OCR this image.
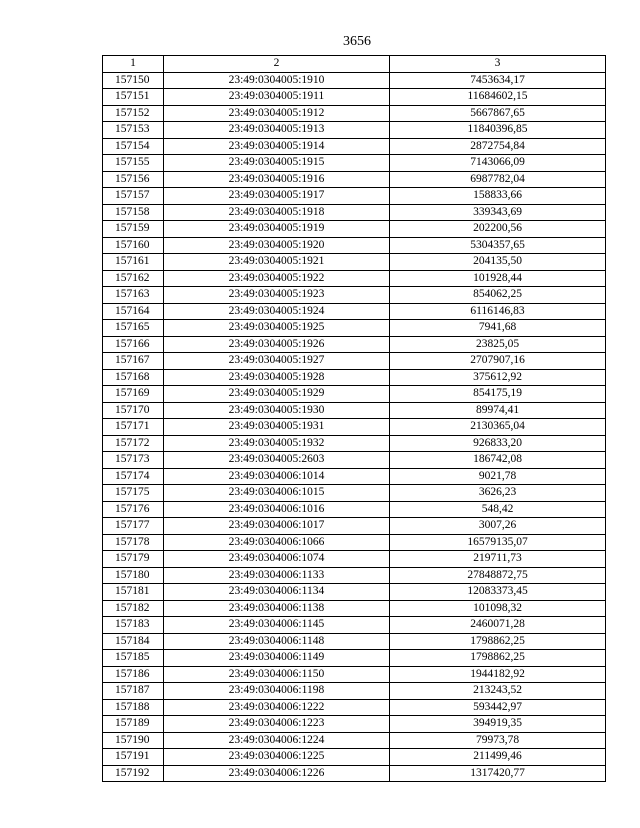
3656
1	2	3
157150	23:49:0304005:1910	7453634,17
157151	23:49:0304005:1911	11684602,15
157152	23:49:0304005:1912	5667867,65
157153	23:49:0304005:1913	11840396,85
157154	23:49:0304005:1914	2872754,84
157155	23:49:0304005:1915	7143066,09
157156	23:49:0304005:1916	6987782,04
157157	23:49:0304005:1917	158833,66
157158	23:49:0304005:1918	339343,69
157159	23:49:0304005:1919	202200,56
157160	23:49:0304005:1920	5304357,65
157161	23:49:0304005:1921	204135,50
157162	23:49:0304005:1922	101928,44
157163	23:49:0304005:1923	854062,25
157164	23:49:0304005:1924	6116146,83
157165	23:49:0304005:1925	7941,68
157166	23:49:0304005:1926	23825,05
157167	23:49:0304005:1927	2707907,16
157168	23:49:0304005:1928	375612,92
157169	23:49:0304005:1929	854175,19
157170	23:49:0304005:1930	89974,41
157171	23:49:0304005:1931	2130365,04
157172	23:49:0304005:1932	926833,20
157173	23:49:0304005:2603	186742,08
157174	23:49:0304006:1014	9021,78
157175	23:49:0304006:1015	3626,23
157176	23:49:0304006:1016	548,42
157177	23:49:0304006:1017	3007,26
157178	23:49:0304006:1066	16579135,07
157179	23:49:0304006:1074	219711,73
157180	23:49:0304006:1133	27848872,75
157181	23:49:0304006:1134	12083373,45
157182	23:49:0304006:1138	101098,32
157183	23:49:0304006:1145	2460071,28
157184	23:49:0304006:1148	1798862,25
157185	23:49:0304006:1149	1798862,25
157186	23:49:0304006:1150	1944182,92
157187	23:49:0304006:1198	213243,52
157188	23:49:0304006:1222	593442,97
157189	23:49:0304006:1223	394919,35
157190	23:49:0304006:1224	79973,78
157191	23:49:0304006:1225	211499,46
157192	23:49:0304006:1226	1317420,77
